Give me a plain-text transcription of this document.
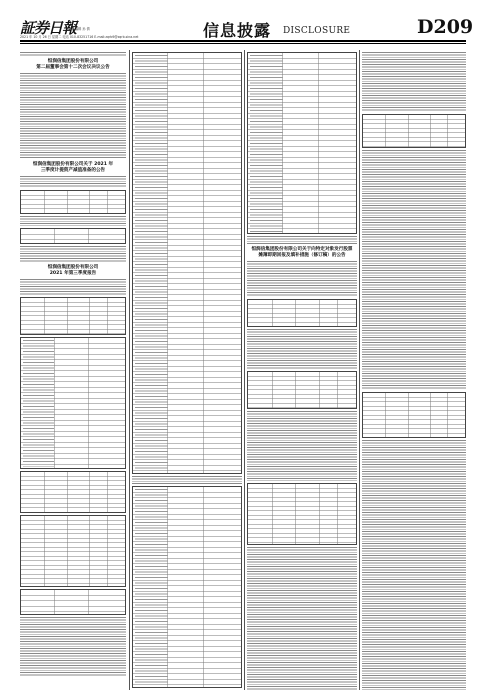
証券日報
编辑 孙 倩
2021 年 10 月 26 日 星期二 电话 010-83251716 E-mail:zqrb9@zqrb.sina.net	信息披露 DISCLOSURE	D209
恒润信集团股份有限公司
第二届董事会第十二次会议决议公告
恒润信集团股份有限公司关于 2021 年
三季度计提资产减值准备的公告
恒润信集团股份有限公司
2021 年第三季度报告
恒润信集团股份有限公司关于向特定对象发行股票
摊薄即期回报及填补措施（修订稿）的公告
